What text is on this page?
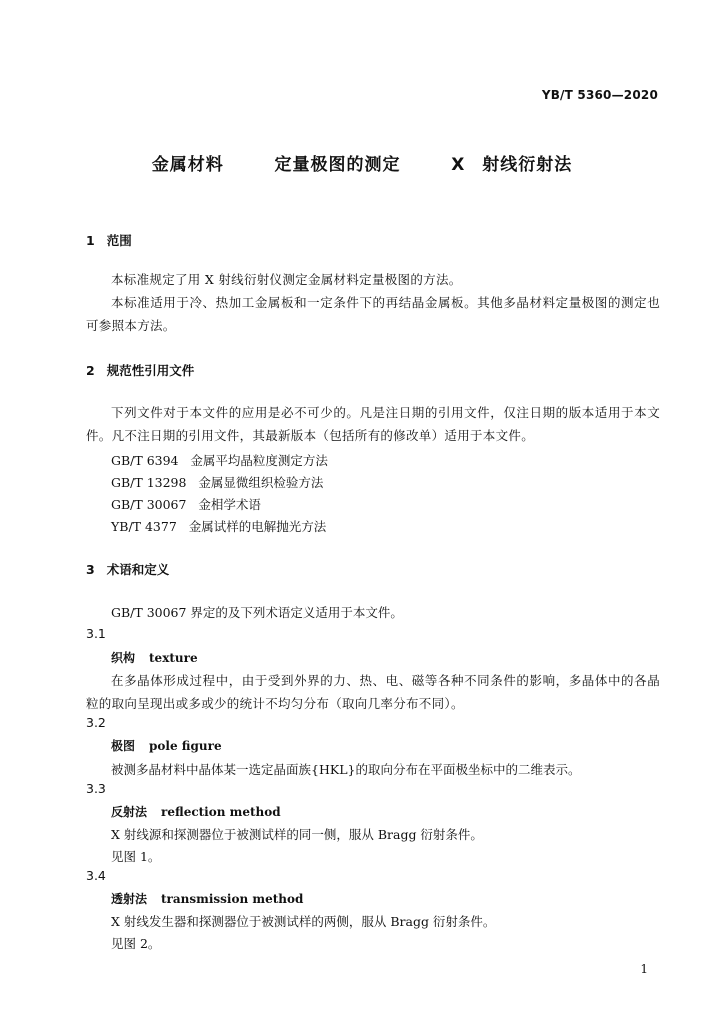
YB/T 5360—2020
金属材料   定量极图的测定   X 射线衍射法
1 范围
本标准规定了用 X 射线衍射仪测定金属材料定量极图的方法。
本标准适用于冷、热加工金属板和一定条件下的再结晶金属板。其他多晶材料定量极图的测定也可参照本方法。
2 规范性引用文件
下列文件对于本文件的应用是必不可少的。凡是注日期的引用文件，仅注日期的版本适用于本文件。凡不注日期的引用文件，其最新版本（包括所有的修改单）适用于本文件。
GB/T 6394   金属平均晶粒度测定方法
GB/T 13298   金属显微组织检验方法
GB/T 30067   金相学术语
YB/T 4377   金属试样的电解抛光方法
3 术语和定义
GB/T 30067 界定的及下列术语定义适用于本文件。
3.1
织构 texture
在多晶体形成过程中，由于受到外界的力、热、电、磁等各种不同条件的影响，多晶体中的各晶粒的取向呈现出或多或少的统计不均匀分布（取向几率分布不同）。
3.2
极图 pole figure
被测多晶材料中晶体某一选定晶面族{HKL}的取向分布在平面极坐标中的二维表示。
3.3
反射法 reflection method
X 射线源和探测器位于被测试样的同一侧，服从 Bragg 衍射条件。
见图 1。
3.4
透射法 transmission method
X 射线发生器和探测器位于被测试样的两侧，服从 Bragg 衍射条件。
见图 2。
1
